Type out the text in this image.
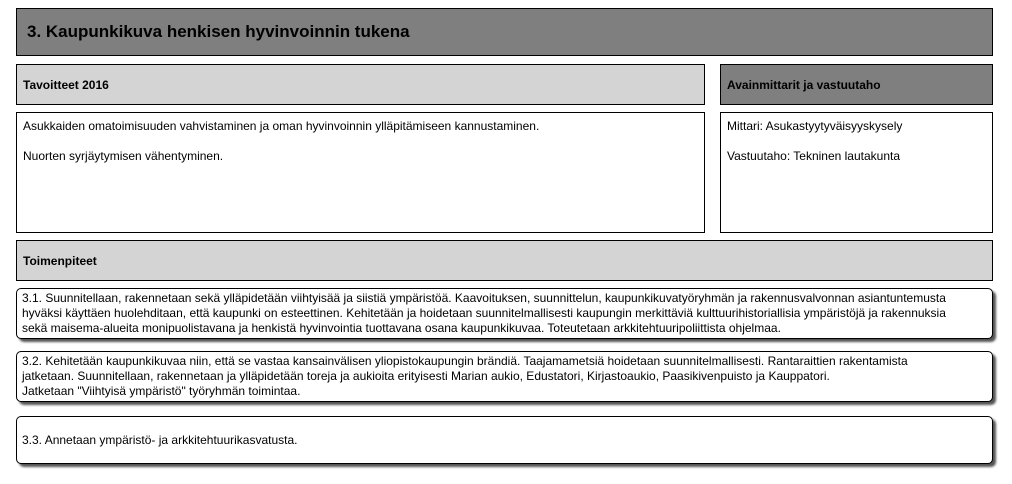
3. Kaupunkikuva henkisen hyvinvoinnin tukena
Tavoitteet 2016	Avainmittarit ja vastuutaho

Asukkaiden omatoimisuuden vahvistaminen ja oman hyvinvoinnin ylläpitämiseen kannustaminen.

Nuorten syrjäytymisen vähentyminen.

Mittari: Asukastyytyväisyyskysely

Vastuutaho: Tekninen lautakunta

Toimenpiteet
3.1. Suunnitellaan, rakennetaan sekä ylläpidetään viihtyisää ja siistiä ympäristöä. Kaavoituksen, suunnittelun, kaupunkikuvatyöryhmän ja rakennusvalvonnan asiantuntemusta
hyväksi käyttäen huolehditaan, että kaupunki on esteettinen. Kehitetään ja hoidetaan suunnitelmallisesti kaupungin merkittäviä kulttuurihistoriallisia ympäristöjä ja rakennuksia
sekä maisema-alueita monipuolistavana ja henkistä hyvinvointia tuottavana osana kaupunkikuvaa. Toteutetaan arkkitehtuuripoliittista ohjelmaa.
3.2. Kehitetään kaupunkikuvaa niin, että se vastaa kansainvälisen yliopistokaupungin brändiä. Taajamametsiä hoidetaan suunnitelmallisesti. Rantaraittien rakentamista
jatketaan. Suunnitellaan, rakennetaan ja ylläpidetään toreja ja aukioita erityisesti Marian aukio, Edustatori, Kirjastoaukio, Paasikivenpuisto ja Kauppatori.
Jatketaan "Viihtyisä ympäristö" työryhmän toimintaa.
3.3. Annetaan ympäristö- ja arkkitehtuurikasvatusta.
